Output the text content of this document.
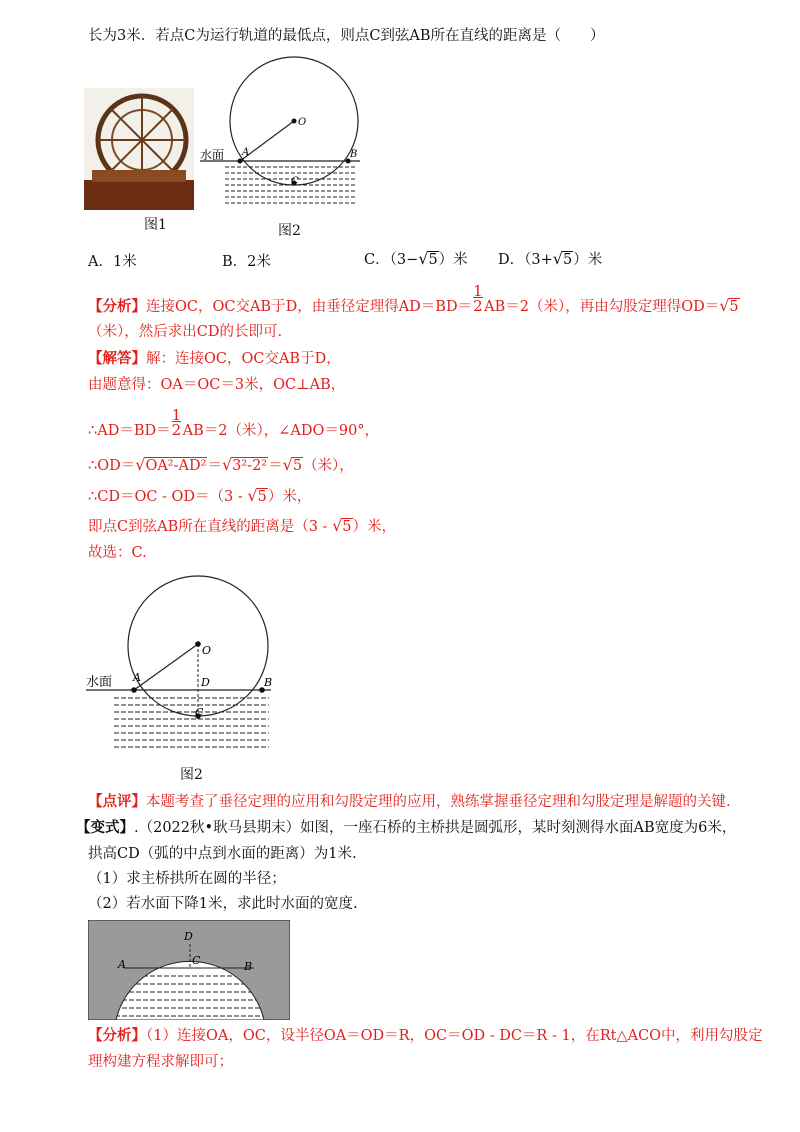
长为3米．若点C为运行轨道的最低点，则点C到弦AB所在直线的距离是（　　）
图1
O
A	B
C
水面
图2
A．1米	B．2米	C．（3−√5）米 D．（3+√5）米
【分析】连接OC，OC交AB于D，由垂径定理得$AD=BD= \frac{1}{2} AB=2$（米），再由勾股定理得OD＝√5
（米），然后求出CD的长即可.
【解答】解：连接OC，OC交AB于D，
由题意得：OA＝OC＝3米，OC⊥AB，
∴AD＝BD＝ $\frac{1}{2} AB=2$（米），∠ADO＝90°，
∴OD＝√OA²-AD²＝√3²-2²＝√5（米），
∴CD＝OC - OD＝（3 - √5）米，
即点C到弦AB所在直线的距离是（3 - √5）米，
故选：C.
O
A	D	B
C
水面
图2
【点评】本题考查了垂径定理的应用和勾股定理的应用，熟练掌握垂径定理和勾股定理是解题的关键.
【变式】.（2022秋•耿马县期末）如图，一座石桥的主桥拱是圆弧形，某时刻测得水面AB宽度为6米，
拱高CD（弧的中点到水面的距离）为1米.
（1）求主桥拱所在圆的半径；
（2）若水面下降1米，求此时水面的宽度.
D
C
A	B
【分析】（1）连接OA，OC，设半径OA＝OD＝R，OC＝OD - DC＝R - 1，在Rt△ACO中，利用勾股定
理构建方程求解即可；
